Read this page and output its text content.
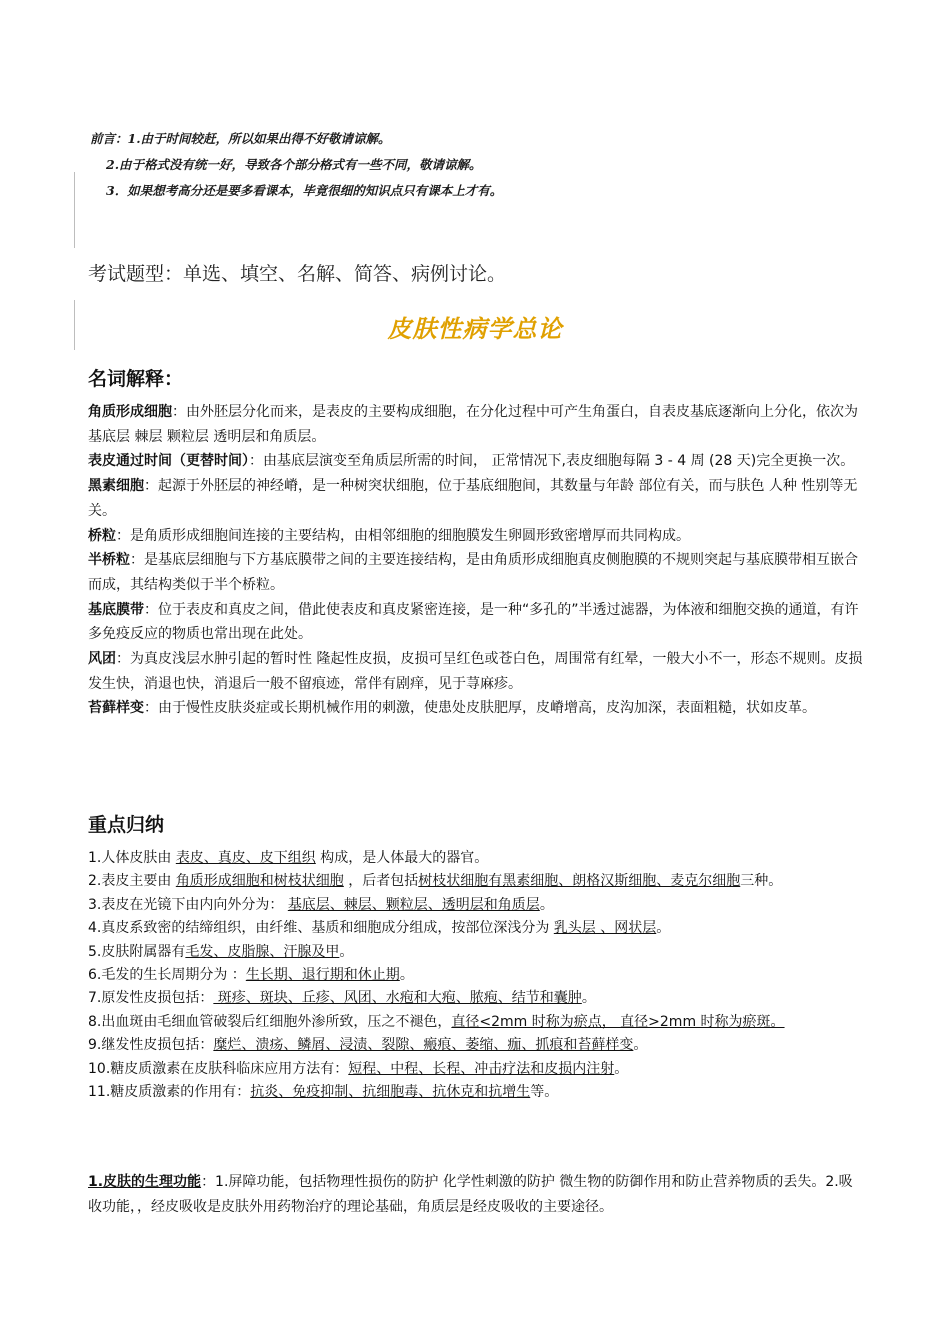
前言：1.由于时间较赶，所以如果出得不好敬请谅解。
2.由于格式没有统一好，导致各个部分格式有一些不同，敬请谅解。
3．如果想考高分还是要多看课本，毕竟很细的知识点只有课本上才有。
考试题型：单选、填空、名解、简答、病例讨论。
皮肤性病学总论
名词解释：

角质形成细胞：由外胚层分化而来，是表皮的主要构成细胞，在分化过程中可产生角蛋白，自表皮基底逐渐向上分化，依次为基底层 棘层 颗粒层 透明层和角质层。

表皮通过时间（更替时间）：由基底层演变至角质层所需的时间， 正常情况下,表皮细胞每隔 3 - 4 周 (28 天)完全更换一次。

黑素细胞：起源于外胚层的神经嵴，是一种树突状细胞，位于基底细胞间，其数量与年龄 部位有关，而与肤色 人种 性别等无关。

桥粒：是角质形成细胞间连接的主要结构，由相邻细胞的细胞膜发生卵圆形致密增厚而共同构成。

半桥粒：是基底层细胞与下方基底膜带之间的主要连接结构，是由角质形成细胞真皮侧胞膜的不规则突起与基底膜带相互嵌合而成，其结构类似于半个桥粒。

基底膜带：位于表皮和真皮之间，借此使表皮和真皮紧密连接，是一种“多孔的”半透过滤器，为体液和细胞交换的通道，有许多免疫反应的物质也常出现在此处。

风团：为真皮浅层水肿引起的暂时性 隆起性皮损，皮损可呈红色或苍白色，周围常有红晕，一般大小不一，形态不规则。皮损发生快，消退也快，消退后一般不留痕迹，常伴有剧痒，见于荨麻疹。

苔藓样变：由于慢性皮肤炎症或长期机械作用的刺激，使患处皮肤肥厚，皮嵴增高，皮沟加深，表面粗糙，状如皮革。

重点归纳

1.人体皮肤由 表皮、真皮、皮下组织 构成，是人体最大的器官。

2.表皮主要由 角质形成细胞和树枝状细胞 ，后者包括树枝状细胞有黑素细胞、朗格汉斯细胞、麦克尔细胞三种。

3.表皮在光镜下由内向外分为： 基底层、棘层、颗粒层、透明层和角质层。

4.真皮系致密的结缔组织，由纤维、基质和细胞成分组成，按部位深浅分为 乳头层 、网状层。

5.皮肤附属器有毛发、皮脂腺、汗腺及甲。

6.毛发的生长周期分为 ：生长期、退行期和休止期。

7.原发性皮损包括： 斑疹、斑块、丘疹、风团、水疱和大疱、脓疱、结节和囊肿。

8.出血斑由毛细血管破裂后红细胞外渗所致，压之不褪色，直径<2mm 时称为瘀点， 直径>2mm 时称为瘀斑。

9.继发性皮损包括：糜烂、溃疡、鳞屑、浸渍、裂隙、瘢痕、萎缩、痂、抓痕和苔藓样变。

10.糖皮质激素在皮肤科临床应用方法有：短程、中程、长程、冲击疗法和皮损内注射。

11.糖皮质激素的作用有：抗炎、免疫抑制、抗细胞毒、抗休克和抗增生等。

1.皮肤的生理功能：1.屏障功能，包括物理性损伤的防护 化学性刺激的防护 微生物的防御作用和防止营养物质的丢失。2.吸收功能，，经皮吸收是皮肤外用药物治疗的理论基础，角质层是经皮吸收的主要途径。
